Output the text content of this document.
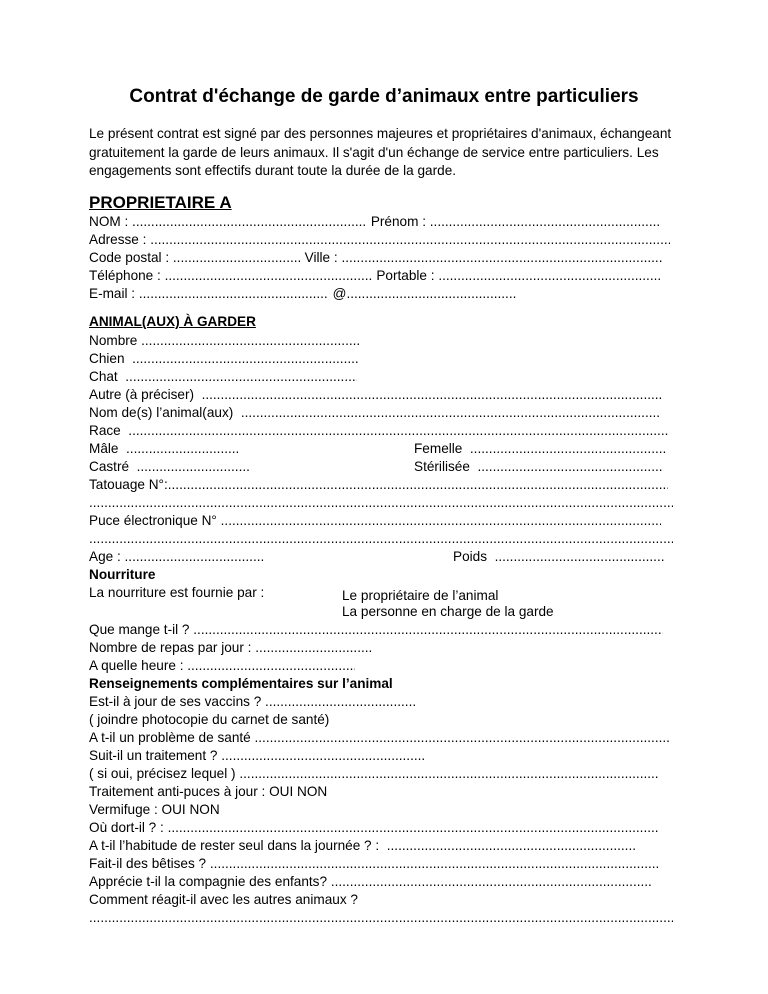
Contrat d'échange de garde d’animaux entre particuliers

Le présent contrat est signé par des personnes majeures et propriétaires d'animaux, échangeant gratuitement la garde de leurs animaux. Il s'agit d'un échange de service entre particuliers. Les engagements sont effectifs durant toute la durée de la garde.

PROPRIETAIRE A
NOM : .....	Prénom : .....
Adresse : .....
Code postal : .....	Ville : .....
Téléphone : .....	Portable : .....
E-mail : .....	@.....
ANIMAL(AUX) À GARDER
Nombre .....
Chien  .....
Chat  .....
Autre (à préciser)  .....
Nom de(s) l’animal(aux)  .....
Race  .....
Mâle .....	Femelle  .....
Castré .....	Stérilisée  .....
Tatouage N°:.....
.....
Puce électronique N° .....
.....
Age : .....	Poids  .....
Nourriture
La nourriture est fournie par :	Le propriétaire de l’animal
La personne en charge de la garde
Que mange t-il ? .....
Nombre de repas par jour : .....
A quelle heure : .....
Renseignements complémentaires sur l’animal
Est-il à jour de ses vaccins ? .....
( joindre photocopie du carnet de santé)
A t-il un problème de santé .....
Suit-il un traitement ? .....
( si oui, précisez lequel ) .....
Traitement anti-puces à jour : OUI NON
Vermifuge : OUI NON
Où dort-il ? : .....
A t-il l’habitude de rester seul dans la journée ? :  .....
Fait-il des bêtises ? .....
Apprécie t-il la compagnie des enfants? .....
Comment réagit-il avec les autres animaux ?
.....
